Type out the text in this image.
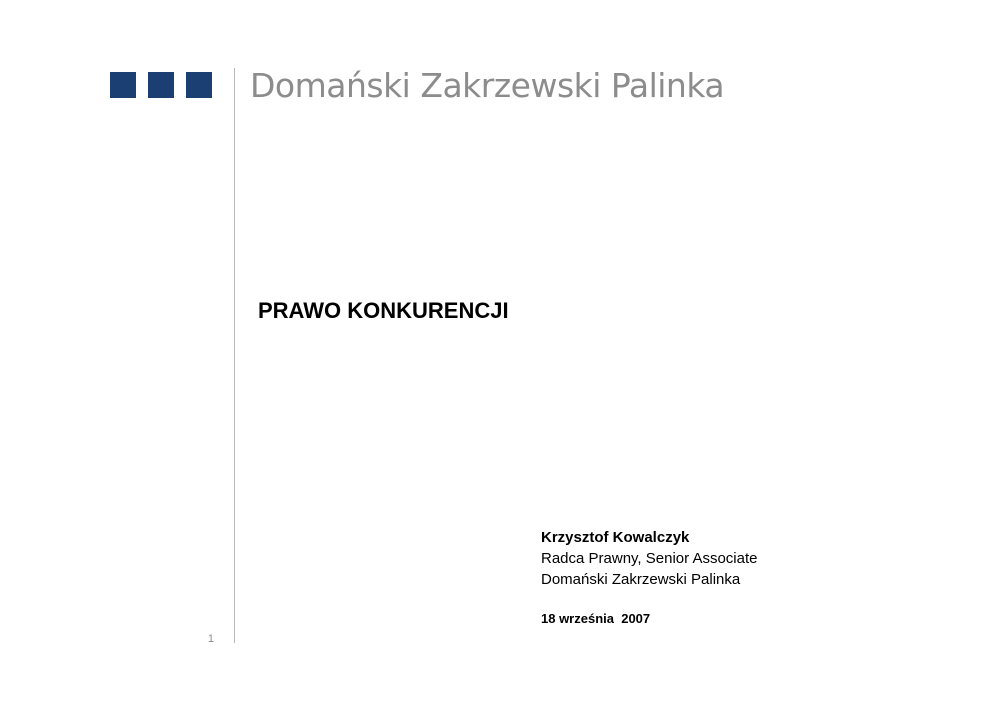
Domański Zakrzewski Palinka
PRAWO KONKURENCJI
Krzysztof Kowalczyk
Radca Prawny, Senior Associate
Domański Zakrzewski Palinka
18 września  2007
1
